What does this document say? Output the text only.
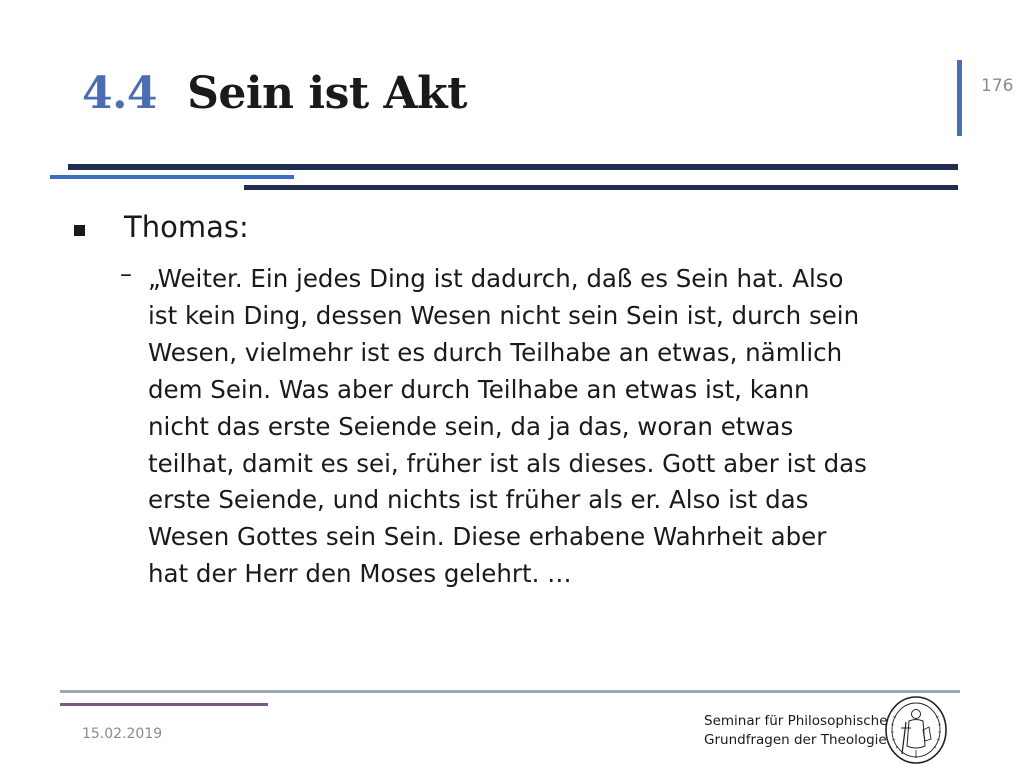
4.4 Sein ist Akt	176
Thomas:
– „Weiter. Ein jedes Ding ist dadurch, daß es Sein hat. Also
ist kein Ding, dessen Wesen nicht sein Sein ist, durch sein
Wesen, vielmehr ist es durch Teilhabe an etwas, nämlich
dem Sein. Was aber durch Teilhabe an etwas ist, kann
nicht das erste Seiende sein, da ja das, woran etwas
teilhat, damit es sei, früher ist als dieses. Gott aber ist das
erste Seiende, und nichts ist früher als er. Also ist das
Wesen Gottes sein Sein. Diese erhabene Wahrheit aber
hat der Herr den Moses gelehrt. …

15.02.2019
Seminar für Philosophische
Grundfragen der Theologie
